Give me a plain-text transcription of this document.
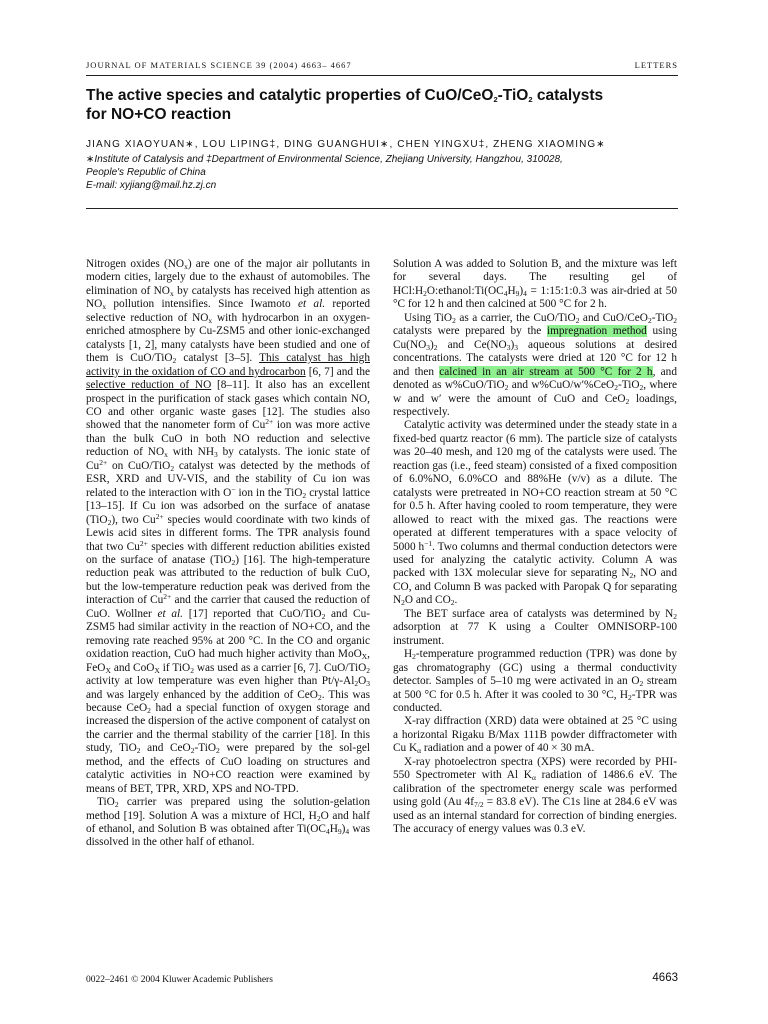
JOURNAL OF MATERIALS SCIENCE 39 (2004) 4663– 4667	LETTERS
The active species and catalytic properties of CuO/CeO$_2$-TiO$_2$ catalysts
for NO+CO reaction
JIANG XIAOYUAN∗, LOU LIPING‡, DING GUANGHUI∗, CHEN YINGXU‡, ZHENG XIAOMING∗
∗Institute of Catalysis and ‡Department of Environmental Science, Zhejiang University, Hangzhou, 310028,
People's Republic of China
E-mail: xyjiang@mail.hz.zj.cn

Nitrogen oxides $(NO_x)$ are one of the major air pollutants in modern cities, largely due to the exhaust of automobiles. The elimination of $NO_x$ by catalysts has received high attention as $NO_x$ pollution intensifies. Since Iwamoto et al. reported selective reduction of $NO_x$ with hydrocarbon in an oxygen-enriched atmosphere by Cu-ZSM5 and other ionic-exchanged catalysts [1, 2], many catalysts have been studied and one of them is CuO/TiO$_2$ catalyst [3–5]. This catalyst has high activity in the oxidation of CO and hydrocarbon [6, 7] and the selective reduction of NO [8–11]. It also has an excellent prospect in the purification of stack gases which contain NO, CO and other organic waste gases [12]. The studies also showed that the nanometer form of $Cu^{2+}$ ion was more active than the bulk CuO in both NO reduction and selective reduction of $NO_x$ with $NH_3$ by catalysts. The ionic state of $Cu^{2+}$ on CuO/TiO$_2$ catalyst was detected by the methods of ESR, XRD and UV-VIS, and the stability of Cu ion was related to the interaction with O− ion in the TiO$_2$ crystal lattice [13–15]. If Cu ion was adsorbed on the surface of anatase (TiO$_2$), two $Cu^{2+}$ species would coordinate with two kinds of Lewis acid sites in different forms. The TPR analysis found that two $Cu^{2+}$ species with different reduction abilities existed on the surface of anatase (TiO$_2$) [16]. The high-temperature reduction peak was attributed to the reduction of bulk CuO, but the low-temperature reduction peak was derived from the interaction of $Cu^{2+}$ and the carrier that caused the reduction of CuO. Wollner et al. [17] reported that CuO/TiO$_2$ and Cu-ZSM5 had similar activity in the reaction of NO+CO, and the removing rate reached 95% at 200 °C. In the CO and organic oxidation reaction, CuO had much higher activity than MoO$_X$, FeO$_X$ and CoO$_X$ if TiO$_2$ was used as a carrier [6, 7]. CuO/TiO$_2$ activity at low temperature was even higher than $Pt/\gamma-Al_2O_3$ and was largely enhanced by the addition of CeO$_2$. This was because CeO$_2$ had a special function of oxygen storage and increased the dispersion of the active component of catalyst on the carrier and the thermal stability of the carrier [18]. In this study, TiO$_2$ and CeO$_2$-TiO$_2$ were prepared by the sol-gel method, and the effects of CuO loading on structures and catalytic activities in NO+CO reaction were examined by means of BET, TPR, XRD, XPS and NO-TPD.

TiO$_2$ carrier was prepared using the solution-gelation method [19]. Solution A was a mixture of HCl, $H_2O$ and half of ethanol, and Solution B was obtained after $Ti(OC_4H_9)_4$ was dissolved in the other half of ethanol.

Solution A was added to Solution B, and the mixture was left for several days. The resulting gel of $HCl:H_2O:ethanol:Ti(OC_4H_9)_4$ = 1:15:1:0.3 was air-dried at 50 °C for 12 h and then calcined at 500 °C for 2 h.

Using TiO$_2$ as a carrier, the CuO/TiO$_2$ and CuO/CeO$_2$-TiO$_2$ catalysts were prepared by the impregnation method using $Cu(NO_3)_2$ and $Ce(NO_3)_3$ aqueous solutions at desired concentrations. The catalysts were dried at 120 °C for 12 h and then calcined in an air stream at 500 °C for 2 h, and denoted as w%CuO/TiO$_2$ and w%CuO/w′%CeO$_2$-TiO$_2$, where w and w′ were the amount of CuO and CeO$_2$ loadings, respectively.

Catalytic activity was determined under the steady state in a fixed-bed quartz reactor (6 mm). The particle size of catalysts was 20–40 mesh, and 120 mg of the catalysts were used. The reaction gas (i.e., feed steam) consisted of a fixed composition of 6.0%NO, 6.0%CO and 88%He (v/v) as a dilute. The catalysts were pretreated in NO+CO reaction stream at 50 °C for 0.5 h. After having cooled to room temperature, they were allowed to react with the mixed gas. The reactions were operated at different temperatures with a space velocity of 5000 $h^{-1}$. Two columns and thermal conduction detectors were used for analyzing the catalytic activity. Column A was packed with 13X molecular sieve for separating $N_2$, NO and CO, and Column B was packed with Paropak Q for separating $N_2O$ and $CO_2$.

The BET surface area of catalysts was determined by $N_2$ adsorption at 77 K using a Coulter OMNISORP-100 instrument.

$H_2$-temperature programmed reduction (TPR) was done by gas chromatography (GC) using a thermal conductivity detector. Samples of 5–10 mg were activated in an $O_2$ stream at 500 °C for 0.5 h. After it was cooled to 30 °C, $H_2$-TPR was conducted.

X-ray diffraction (XRD) data were obtained at 25 °C using a horizontal Rigaku B/Max 111B powder diffractometer with Cu $K_\alpha$ radiation and a power of 40 × 30 mA.

X-ray photoelectron spectra (XPS) were recorded by PHI-550 Spectrometer with Al $K_\alpha$ radiation of 1486.6 eV. The calibration of the spectrometer energy scale was performed using gold (Au $4f_{7/2} = 83.8$ eV). The C1s line at 284.6 eV was used as an internal standard for correction of binding energies. The accuracy of energy values was 0.3 eV.

0022–2461 © 2004 Kluwer Academic Publishers	4663
